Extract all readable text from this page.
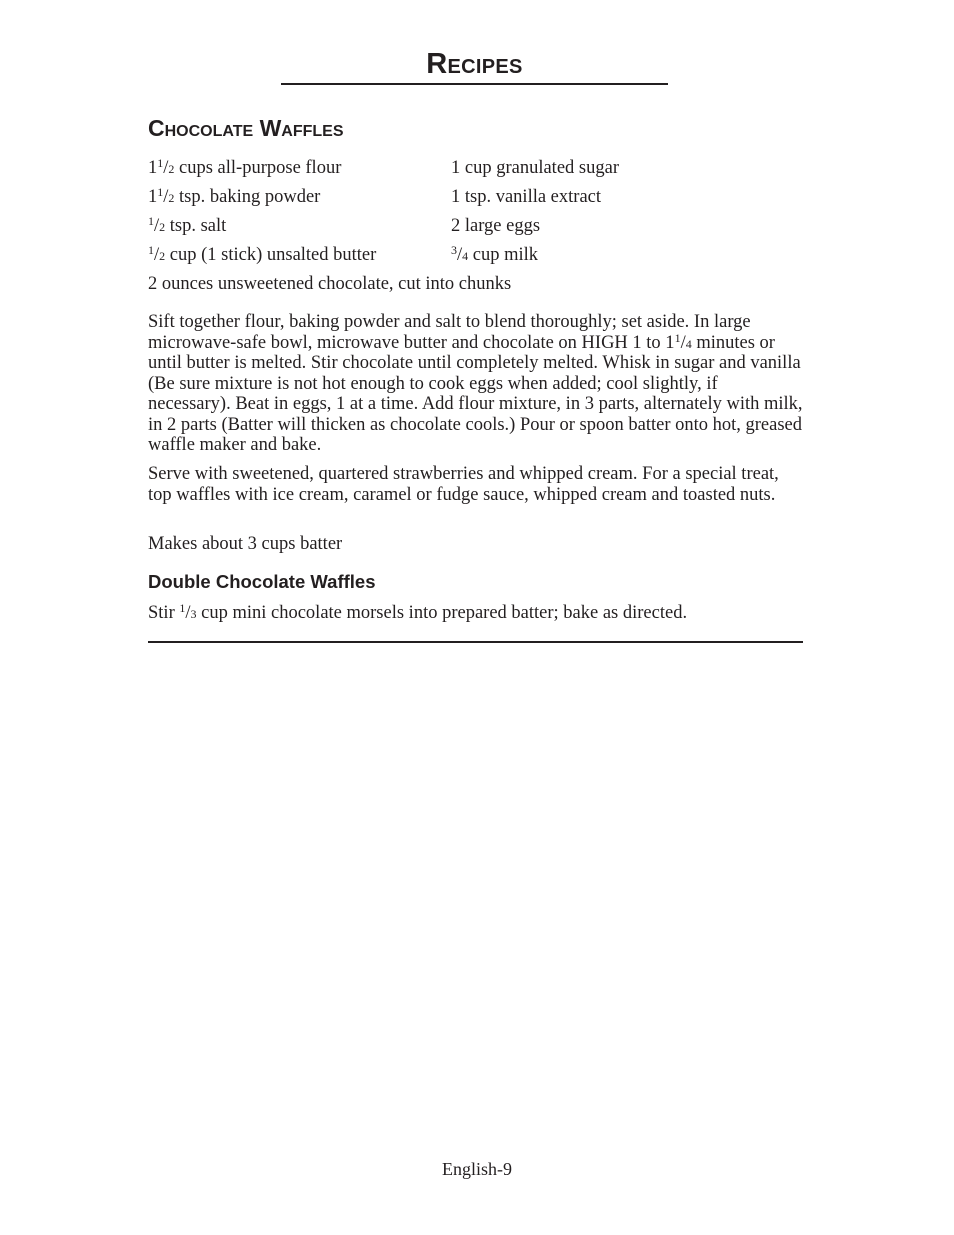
Recipes
Chocolate Waffles
$1^1/2$ cups all-purpose flour
$1^1/2$ tsp. baking powder
$^1$/2 tsp. salt
$^1$/2 cup (1 stick) unsalted butter
2 ounces unsweetened chocolate, cut into chunks
1 cup granulated sugar
1 tsp. vanilla extract
2 large eggs
$^3$/4 cup milk

Sift together flour, baking powder and salt to blend thoroughly; set aside. In large microwave-safe bowl, microwave butter and chocolate on HIGH 1 to $1^1/4$ minutes or until butter is melted. Stir chocolate until completely melted. Whisk in sugar and vanilla (Be sure mixture is not hot enough to cook eggs when added; cool slightly, if necessary). Beat in eggs, 1 at a time. Add flour mixture, in 3 parts, alternately with milk, in 2 parts (Batter will thicken as chocolate cools.) Pour or spoon batter onto hot, greased waffle maker and bake.

Serve with sweetened, quartered strawberries and whipped cream. For a special treat, top waffles with ice cream, caramel or fudge sauce, whipped cream and toasted nuts.

Makes about 3 cups batter

Double Chocolate Waffles

Stir $^1$/3 cup mini chocolate morsels into prepared batter; bake as directed.

English-9
